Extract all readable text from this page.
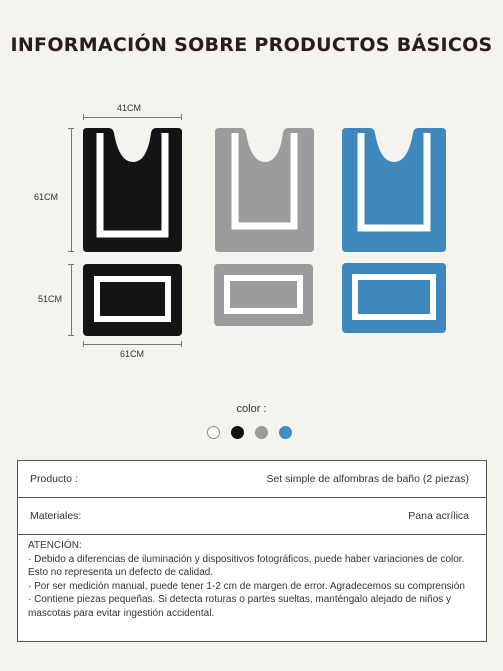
INFORMACIÓN SOBRE PRODUCTOS BÁSICOS
41CM
61CM
51CM
61CM
color :
Producto :	Set simple de alfombras de baño (2 piezas)
Materiales:	Pana acrílica
ATENCIÓN:
· Debido a diferencias de iluminación y dispositivos fotográficos, puede haber variaciones de color. Esto no representa un defecto de calidad.
· Por ser medición manual, puede tener 1-2 cm de margen de error. Agradecemos su comprensión
· Contiene piezas pequeñas. Si detecta roturas o partes sueltas, manténgalo alejado de niños y mascotas para evitar ingestión accidental.
